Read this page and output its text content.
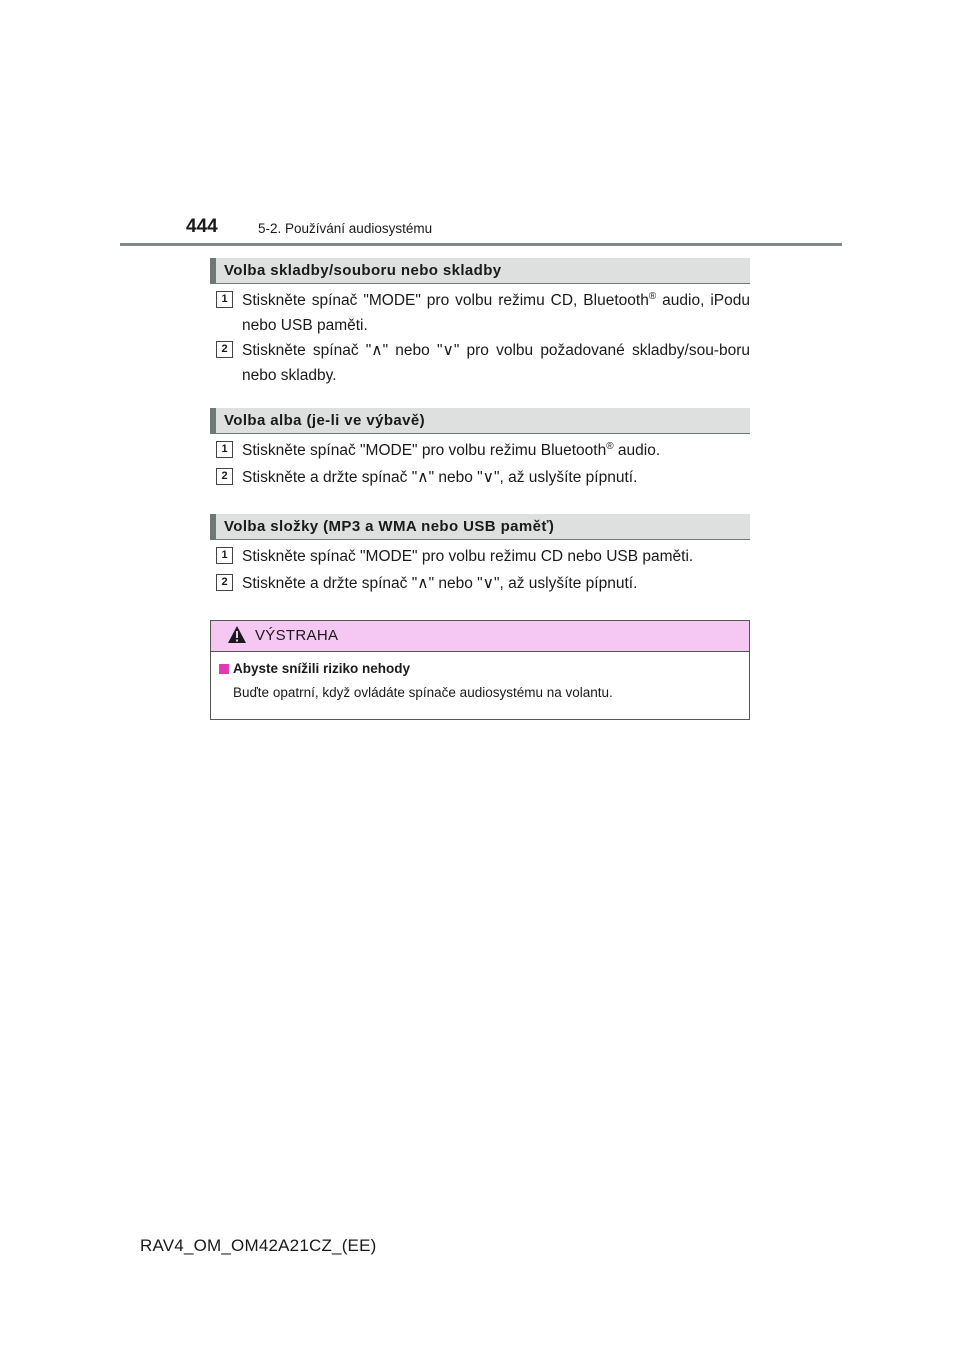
444	5-2. Používání audiosystému
Volba skladby/souboru nebo skladby
1 Stiskněte spínač "MODE" pro volbu režimu CD, Bluetooth® audio, iPodu nebo USB paměti.
2 Stiskněte spínač "∧" nebo "∨" pro volbu požadované skladby/sou-boru nebo skladby.
Volba alba (je-li ve výbavě)
1 Stiskněte spínač "MODE" pro volbu režimu Bluetooth® audio.
2 Stiskněte a držte spínač "∧" nebo "∨", až uslyšíte pípnutí.
Volba složky (MP3 a WMA nebo USB paměť)
1 Stiskněte spínač "MODE" pro volbu režimu CD nebo USB paměti.
2 Stiskněte a držte spínač "∧" nebo "∨", až uslyšíte pípnutí.
VÝSTRAHA
Abyste snížili riziko nehody
Buďte opatrní, když ovládáte spínače audiosystému na volantu.
RAV4_OM_OM42A21CZ_(EE)
